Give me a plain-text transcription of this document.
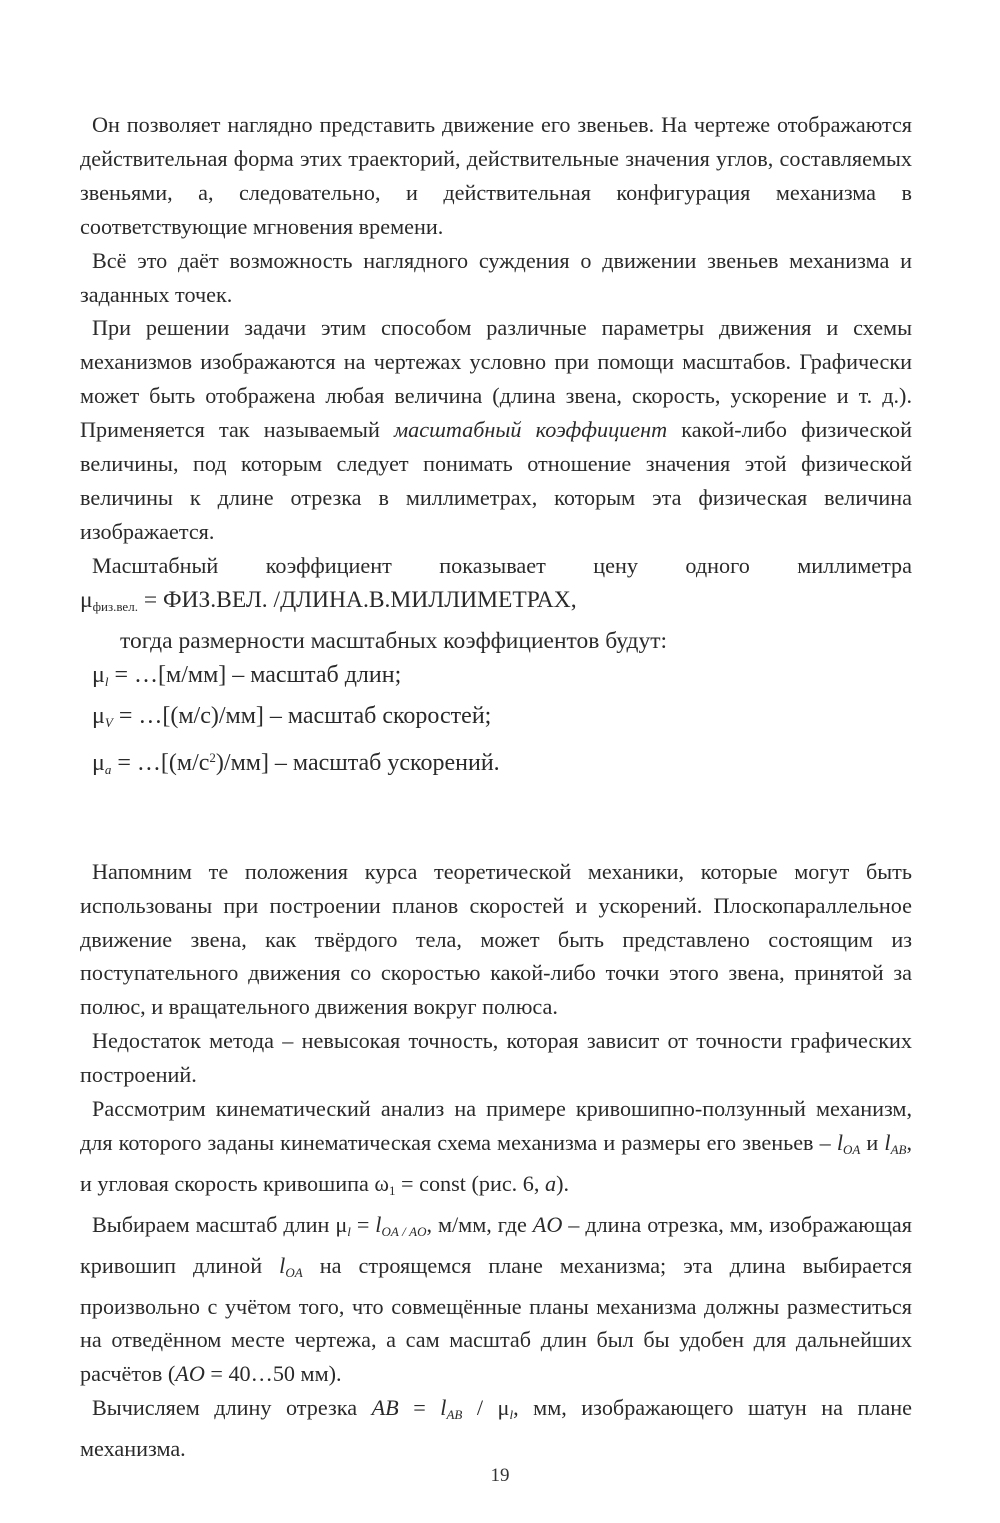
Он позволяет наглядно представить движение его звеньев. На чертеже отображаются действительная форма этих траекторий, действительные значения углов, составляемых звеньями, а, следовательно, и действительная конфигурация механизма в соответствующие мгновения времени.

Всё это даёт возможность наглядного суждения о движении звеньев механизма и заданных точек.

При решении задачи этим способом различные параметры движения и схемы механизмов изображаются на чертежах условно при помощи масштабов. Графически может быть отображена любая величина (длина звена, скорость, ускорение и т. д.). Применяется так называемый масштабный коэффициент какой-либо физической величины, под которым следует понимать отношение значения этой физической величины к длине отрезка в миллиметрах, которым эта физическая величина изображается.

Масштабный коэффициент показывает цену одного миллиметра

μфиз.вел. = ФИЗ.ВЕЛ. /ДЛИНА.В.МИЛЛИМЕТРАХ,
тогда размерности масштабных коэффициентов будут:
$\mu_l$ = …[м/мм] – масштаб длин;
$\mu_V$ = …[(м/с)/мм] – масштаб скоростей;
$\mu_a$ = $\dots[(м/с^2)/мм]$ – масштаб ускорений.

Напомним те положения курса теоретической механики, которые могут быть использованы при построении планов скоростей и ускорений. Плоскопараллельное движение звена, как твёрдого тела, может быть представлено состоящим из поступательного движения со скоростью какой-либо точки этого звена, принятой за полюс, и вращательного движения вокруг полюса.

Недостаток метода – невысокая точность, которая зависит от точности графических построений.

Рассмотрим кинематический анализ на примере кривошипно-ползунный механизм, для которого заданы кинематическая схема механизма и размеры его звеньев – $l_{OA}$ и $l_{AB}$, и угловая скорость кривошипа ω1 = const (рис. 6, а).

Выбираем масштаб длин $\mu_l = l_{OA / AO}$, м/мм, где AO – длина отрезка, мм, изображающая кривошип длиной $l_{OA}$ на строящемся плане механизма; эта длина выбирается произвольно с учётом того, что совмещённые планы механизма должны разместиться на отведённом месте чертежа, а сам масштаб длин был бы удобен для дальнейших расчётов (AO = 40…50 мм).

Вычисляем длину отрезка AB = $l_{AB} / \mu_l$, мм, изображающего шатун на плане механизма.

19
